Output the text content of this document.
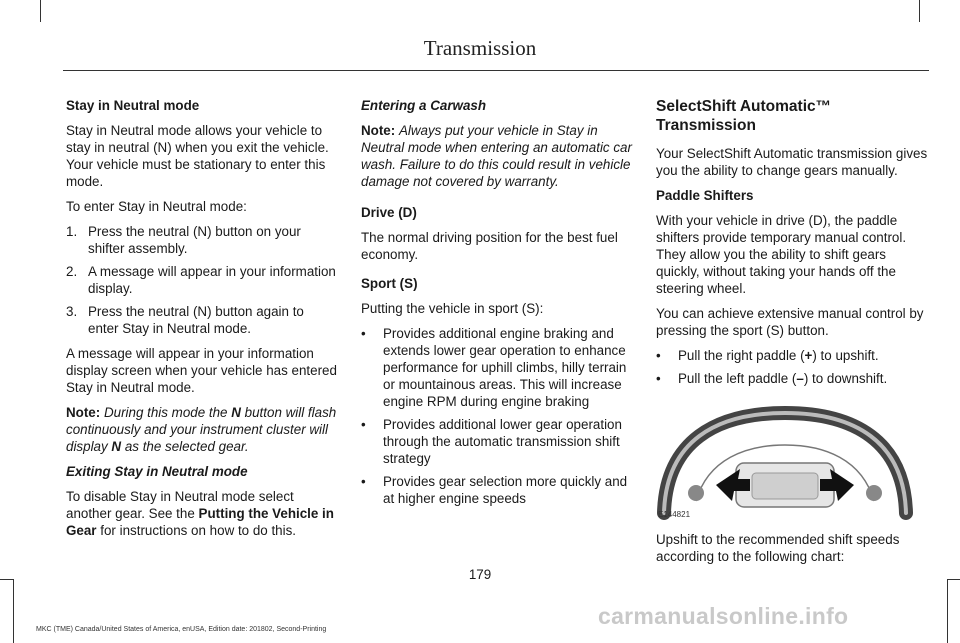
Transmission
Stay in Neutral mode
Stay in Neutral mode allows your vehicle to stay in neutral (N) when you exit the vehicle. Your vehicle must be stationary to enter this mode.
To enter Stay in Neutral mode:
1. Press the neutral (N) button on your shifter assembly.
2. A message will appear in your information display.
3. Press the neutral (N) button again to enter Stay in Neutral mode.
A message will appear in your information display screen when your vehicle has entered Stay in Neutral mode.
Note: During this mode the N button will flash continuously and your instrument cluster will display N as the selected gear.
Exiting Stay in Neutral mode
To disable Stay in Neutral mode select another gear. See the Putting the Vehicle in Gear for instructions on how to do this.
Entering a Carwash
Note: Always put your vehicle in Stay in Neutral mode when entering an automatic car wash. Failure to do this could result in vehicle damage not covered by warranty.
Drive (D)
The normal driving position for the best fuel economy.
Sport (S)
Putting the vehicle in sport (S):
• Provides additional engine braking and extends lower gear operation to enhance performance for uphill climbs, hilly terrain or mountainous areas. This will increase engine RPM during engine braking
• Provides additional lower gear operation through the automatic transmission shift strategy
• Provides gear selection more quickly and at higher engine speeds
SelectShift Automatic™ Transmission
Your SelectShift Automatic transmission gives you the ability to change gears manually.
Paddle Shifters
With your vehicle in drive (D), the paddle shifters provide temporary manual control. They allow you the ability to shift gears quickly, without taking your hands off the steering wheel.
You can achieve extensive manual control by pressing the sport (S) button.
• Pull the right paddle (+) to upshift.
• Pull the left paddle (–) to downshift.
E144821
Upshift to the recommended shift speeds according to the following chart:
179
MKC (TME) Canada/United States of America, enUSA, Edition date: 201802, Second-Printing
carmanualsonline.info
